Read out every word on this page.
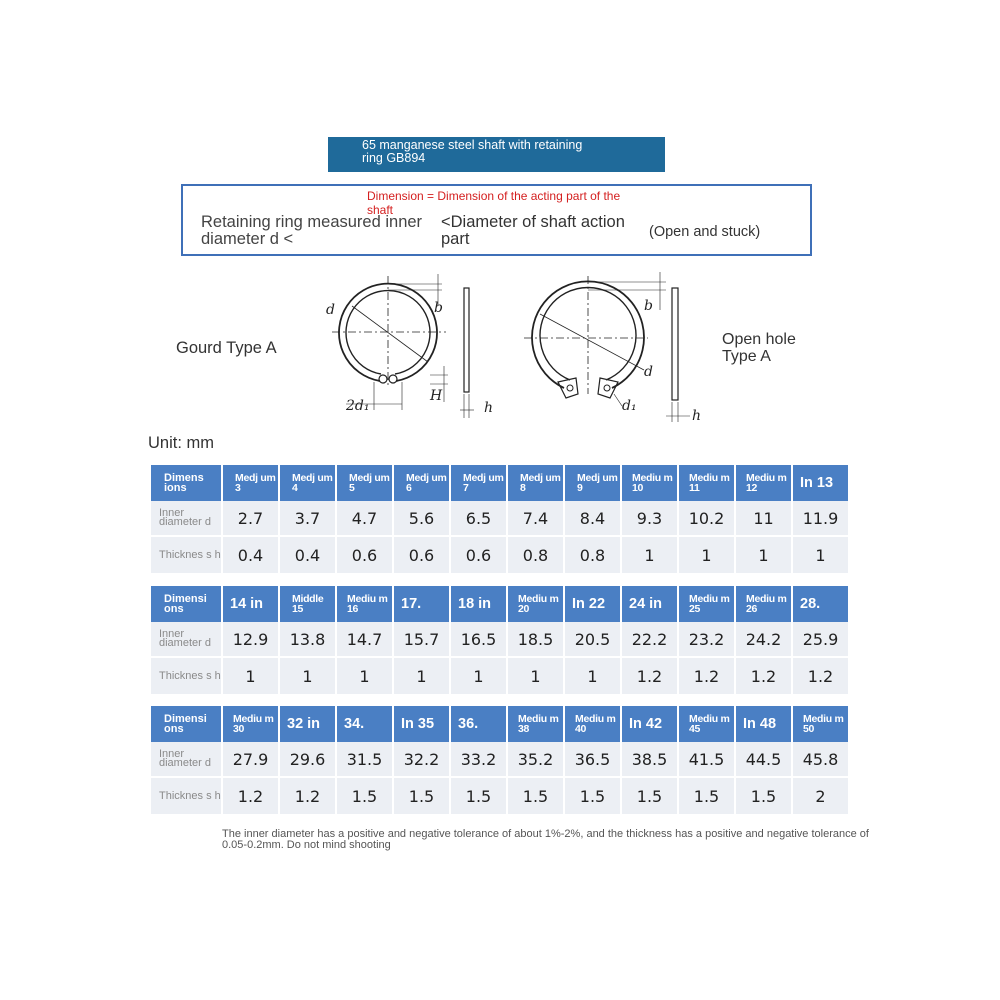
65 manganese steel shaft with retaining
ring GB894
Dimension = Dimension of the acting part of the shaft
Retaining ring measured inner
diameter d <
<Diameter of shaft action part	(Open and stuck)
Gourd Type A	Open hole
Type A
d	b
2d₁
H
h
b
d
d₁
h
Unit: mm
Dimens ions	Medj um 3	Medj um 4	Medj um 5	Medj um 6	Medj um 7	Medj um 8	Medj um 9	Mediu m 10	Mediu m 11	Mediu m 12	In 13
Inner diameter d	2.7	3.7	4.7	5.6	6.5	7.4	8.4	9.3	10.2	11	11.9
Thicknes s h	0.4	0.4	0.6	0.6	0.6	0.8	0.8	1	1	1	1
Dimensi ons	14 in	Middle 15	Mediu m 16	17.	18 in	Mediu m 20	In 22	24 in	Mediu m 25	Mediu m 26	28.
Inner diameter d	12.9	13.8	14.7	15.7	16.5	18.5	20.5	22.2	23.2	24.2	25.9
Thicknes s h	1	1	1	1	1	1	1	1.2	1.2	1.2	1.2
Dimensi ons	Mediu m 30	32 in	34.	In 35	36.	Mediu m 38	Mediu m 40	In 42	Mediu m 45	In 48	Mediu m 50
Inner diameter d	27.9	29.6	31.5	32.2	33.2	35.2	36.5	38.5	41.5	44.5	45.8
Thicknes s h	1.2	1.2	1.5	1.5	1.5	1.5	1.5	1.5	1.5	1.5	2
The inner diameter has a positive and negative tolerance of about 1%-2%, and the thickness has a positive and negative tolerance of 0.05-0.2mm. Do not mind shooting
